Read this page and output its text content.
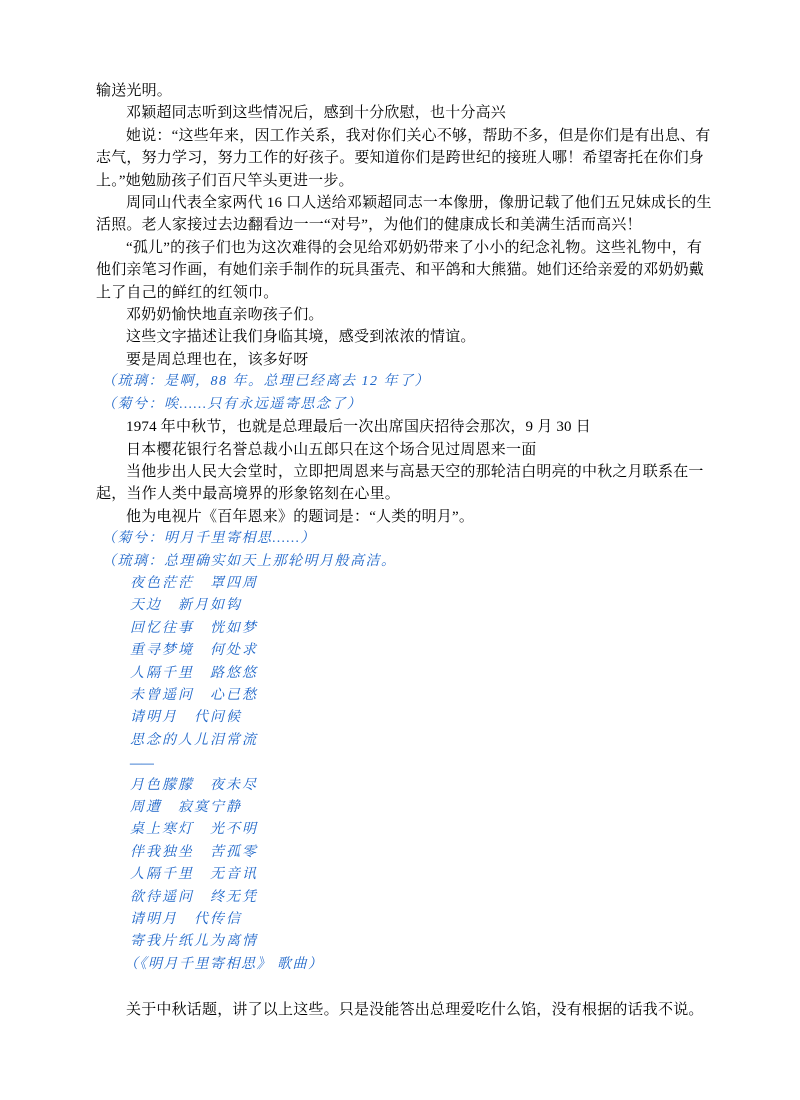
输送光明。

邓颖超同志听到这些情况后，感到十分欣慰，也十分高兴

她说：“这些年来，因工作关系，我对你们关心不够，帮助不多，但是你们是有出息、有志气，努力学习，努力工作的好孩子。要知道你们是跨世纪的接班人哪！希望寄托在你们身上。”她勉励孩子们百尺竿头更进一步。

周同山代表全家两代 16 口人送给邓颖超同志一本像册，像册记载了他们五兄妹成长的生活照。老人家接过去边翻看边一一“对号”，为他们的健康成长和美满生活而高兴！

“孤儿”的孩子们也为这次难得的会见给邓奶奶带来了小小的纪念礼物。这些礼物中，有他们亲笔习作画，有她们亲手制作的玩具蛋壳、和平鸽和大熊猫。她们还给亲爱的邓奶奶戴上了自己的鲜红的红领巾。

邓奶奶愉快地直亲吻孩子们。

这些文字描述让我们身临其境，感受到浓浓的情谊。

要是周总理也在，该多好呀

（琉璃：是啊，88 年。总理已经离去 12 年了）

（菊兮：唉……只有永远遥寄思念了）

1974 年中秋节，也就是总理最后一次出席国庆招待会那次，9 月 30 日

日本樱花银行名誉总裁小山五郎只在这个场合见过周恩来一面

当他步出人民大会堂时，立即把周恩来与高悬天空的那轮洁白明亮的中秋之月联系在一起，当作人类中最高境界的形象铭刻在心里。

他为电视片《百年恩来》的题词是：“人类的明月”。

（菊兮：明月千里寄相思……）

（琉璃：总理确实如天上那轮明月般高洁。

夜色茫茫　罩四周

天边　新月如钩

回忆往事　恍如梦

重寻梦境　何处求

人隔千里　路悠悠

未曾遥问　心已愁

请明月　代问候

思念的人儿泪常流

——

月色朦朦　夜未尽

周遭　寂寞宁静

桌上寒灯　光不明

伴我独坐　苦孤零

人隔千里　无音讯

欲待遥问　终无凭

请明月　代传信

寄我片纸儿为离情

（《明月千里寄相思》 歌曲）

关于中秋话题，讲了以上这些。只是没能答出总理爱吃什么馅，没有根据的话我不说。
